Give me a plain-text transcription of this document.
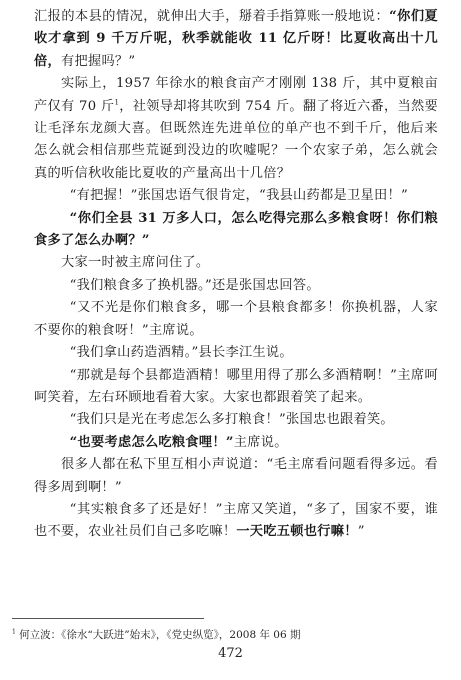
汇报的本县的情况，就伸出大手，掰着手指算账一般地说：“你们夏收才拿到 9 千万斤呢，秋季就能收 11 亿斤呀！比夏收高出十几倍，有把握吗？”

实际上，1957 年徐水的粮食亩产才刚刚 138 斤，其中夏粮亩产仅有 70 斤$^1$，社领导却将其吹到 754 斤。翻了将近六番，当然要让毛泽东龙颜大喜。但既然连先进单位的单产也不到千斤，他后来怎么就会相信那些荒诞到没边的吹嘘呢？一个农家子弟，怎么就会真的听信秋收能比夏收的产量高出十几倍？

“有把握！”张国忠语气很肯定，“我县山药都是卫星田！”

“你们全县 31 万多人口，怎么吃得完那么多粮食呀！你们粮食多了怎么办啊？”

大家一时被主席问住了。

“我们粮食多了换机器。”还是张国忠回答。

“又不光是你们粮食多，哪一个县粮食都多！你换机器，人家不要你的粮食呀！”主席说。

“我们拿山药造酒精。”县长李江生说。

“那就是每个县都造酒精！哪里用得了那么多酒精啊！”主席呵呵笑着，左右环顾地看着大家。大家也都跟着笑了起来。

“我们只是光在考虑怎么多打粮食！”张国忠也跟着笑。

“也要考虑怎么吃粮食哩！”主席说。

很多人都在私下里互相小声说道：“毛主席看问题看得多远。看得多周到啊！”

“其实粮食多了还是好！”主席又笑道，“多了，国家不要，谁也不要，农业社员们自己多吃嘛！一天吃五顿也行嘛！”

$^1$ 何立波：《徐水“大跃进”始末》，《党史纵览》，2008 年 06 期
472
